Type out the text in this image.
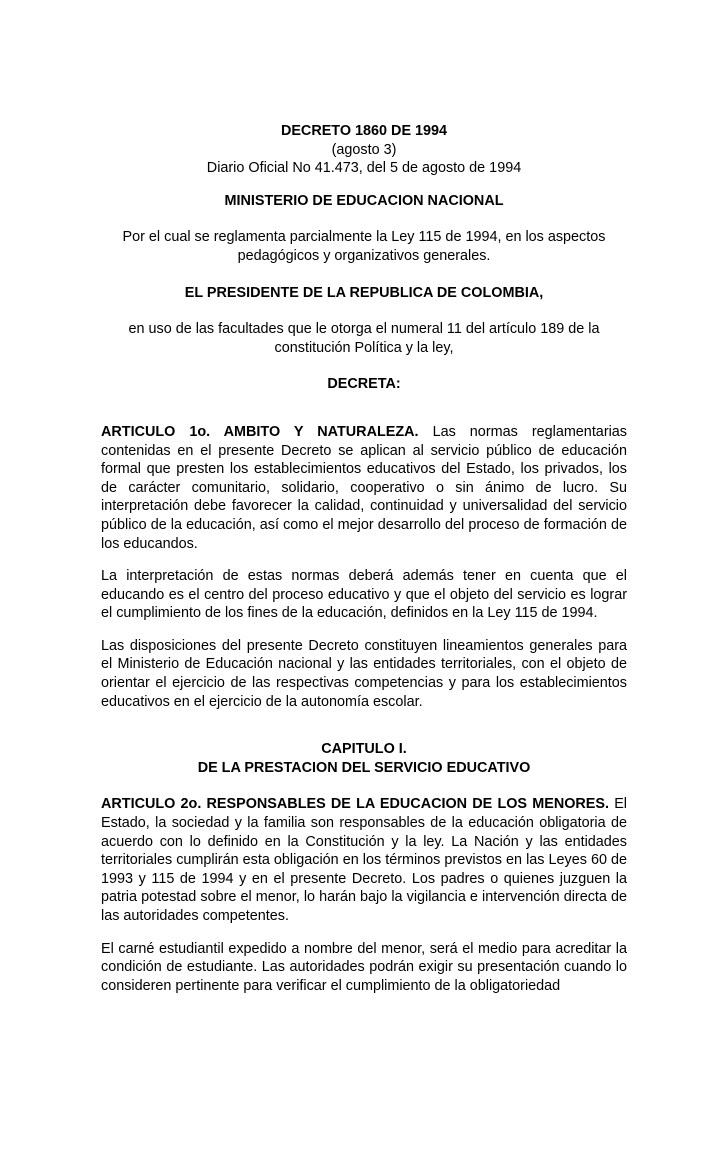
DECRETO 1860 DE 1994

(agosto 3)

Diario Oficial No 41.473, del 5 de agosto de 1994

MINISTERIO DE EDUCACION NACIONAL

Por el cual se reglamenta parcialmente la Ley 115 de 1994, en los aspectos pedagógicos y organizativos generales.

EL PRESIDENTE DE LA REPUBLICA DE COLOMBIA,

en uso de las facultades que le otorga el numeral 11 del artículo 189 de la constitución Política y la ley,

DECRETA:

ARTICULO 1o. AMBITO Y NATURALEZA. Las normas reglamentarias contenidas en el presente Decreto se aplican al servicio público de educación formal que presten los establecimientos educativos del Estado, los privados, los de carácter comunitario, solidario, cooperativo o sin ánimo de lucro. Su interpretación debe favorecer la calidad, continuidad y universalidad del servicio público de la educación, así como el mejor desarrollo del proceso de formación de los educandos.

La interpretación de estas normas deberá además tener en cuenta que el educando es el centro del proceso educativo y que el objeto del servicio es lograr el cumplimiento de los fines de la educación, definidos en la Ley 115 de 1994.

Las disposiciones del presente Decreto constituyen lineamientos generales para el Ministerio de Educación nacional y las entidades territoriales, con el objeto de orientar el ejercicio de las respectivas competencias y para los establecimientos educativos en el ejercicio de la autonomía escolar.

CAPITULO I.

DE LA PRESTACION DEL SERVICIO EDUCATIVO

ARTICULO 2o. RESPONSABLES DE LA EDUCACION DE LOS MENORES. El Estado, la sociedad y la familia son responsables de la educación obligatoria de acuerdo con lo definido en la Constitución y la ley. La Nación y las entidades territoriales cumplirán esta obligación en los términos previstos en las Leyes 60 de 1993 y 115 de 1994 y en el presente Decreto. Los padres o quienes juzguen la patria potestad sobre el menor, lo harán bajo la vigilancia e intervención directa de las autoridades competentes.

El carné estudiantil expedido a nombre del menor, será el medio para acreditar la condición de estudiante. Las autoridades podrán exigir su presentación cuando lo consideren pertinente para verificar el cumplimiento de la obligatoriedad
